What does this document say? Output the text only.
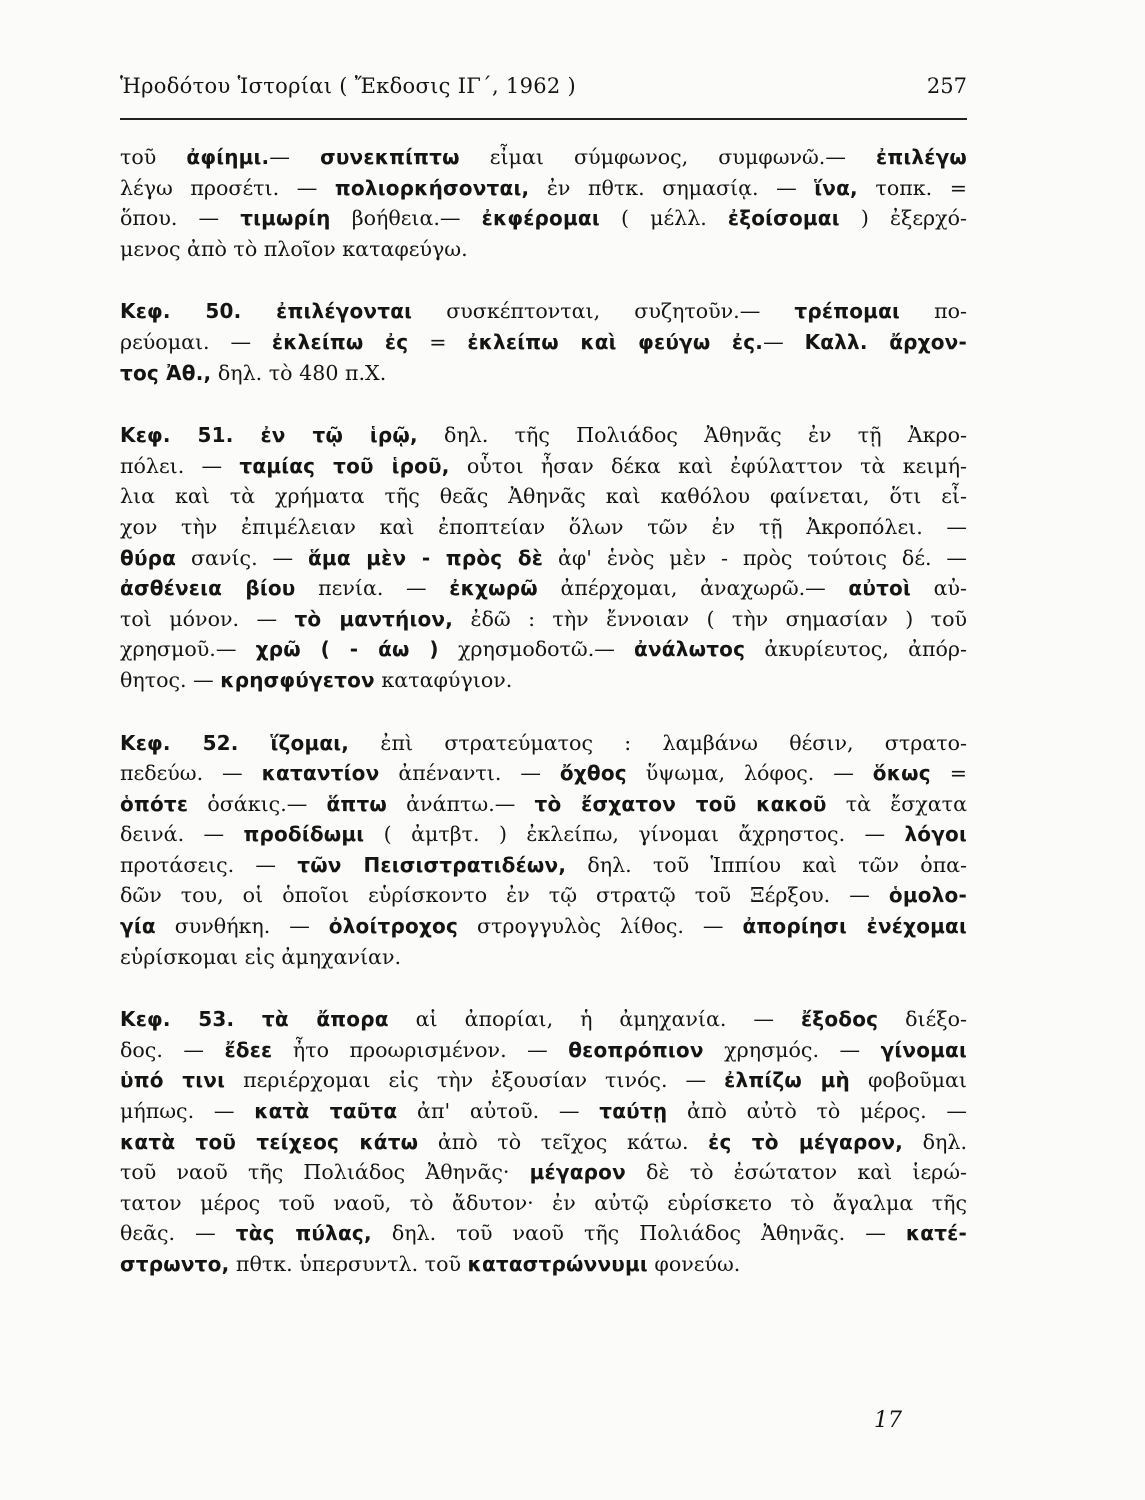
Ἡροδότου Ἱστορίαι ( Ἔκδοσις ΙΓ΄, 1962 )	257
τοῦ ἀφίημι.— συνεκπίπτω εἶμαι σύμφωνος, συμφωνῶ.— ἐπιλέγω
λέγω προσέτι. — πολιορκήσονται, ἐν πθτκ. σημασίᾳ. — ἵνα, τοπκ. =
ὅπου. — τιμωρίη βοήθεια.— ἐκφέρομαι ( μέλλ. ἐξοίσομαι ) ἐξερχό-
μενος ἀπὸ τὸ πλοῖον καταφεύγω.
Κεφ. 50. ἐπιλέγονται συσκέπτονται, συζητοῦν.— τρέπομαι πο-
ρεύομαι. — ἐκλείπω ἐς = ἐκλείπω καὶ φεύγω ἐς.— Καλλ. ἄρχον-
τος Ἀθ., δηλ. τὸ 480 π.Χ.
Κεφ. 51. ἐν τῷ ἱρῷ, δηλ. τῆς Πολιάδος Ἀθηνᾶς ἐν τῇ Ἀκρο-
πόλει. — ταμίας τοῦ ἱροῦ, οὗτοι ἦσαν δέκα καὶ ἐφύλαττον τὰ κειμή-
λια καὶ τὰ χρήματα τῆς θεᾶς Ἀθηνᾶς καὶ καθόλου φαίνεται, ὅτι εἶ-
χον τὴν ἐπιμέλειαν καὶ ἐποπτείαν ὅλων τῶν ἐν τῇ Ἀκροπόλει. —
θύρα σανίς. — ἅμα μὲν - πρὸς δὲ ἀφ' ἑνὸς μὲν - πρὸς τούτοις δέ. —
ἀσθένεια βίου πενία. — ἐκχωρῶ ἀπέρχομαι, ἀναχωρῶ.— αὐτοὶ αὐ-
τοὶ μόνον. — τὸ μαντήιον, ἐδῶ : τὴν ἔννοιαν ( τὴν σημασίαν ) τοῦ
χρησμοῦ.— χρῶ ( - άω ) χρησμοδοτῶ.— ἀνάλωτος ἀκυρίευτος, ἀπόρ-
θητος. — κρησφύγετον καταφύγιον.
Κεφ. 52. ἵζομαι, ἐπὶ στρατεύματος : λαμβάνω θέσιν, στρατο-
πεδεύω. — καταντίον ἀπέναντι. — ὄχθος ὕψωμα, λόφος. — ὅκως =
ὁπότε ὁσάκις.— ἅπτω ἀνάπτω.— τὸ ἔσχατον τοῦ κακοῦ τὰ ἔσχατα
δεινά. — προδίδωμι ( ἀμτβτ. ) ἐκλείπω, γίνομαι ἄχρηστος. — λόγοι
προτάσεις. — τῶν Πεισιστρατιδέων, δηλ. τοῦ Ἱππίου καὶ τῶν ὀπα-
δῶν του, οἱ ὁποῖοι εὑρίσκοντο ἐν τῷ στρατῷ τοῦ Ξέρξου. — ὁμολο-
γία συνθήκη. — ὀλοίτροχος στρογγυλὸς λίθος. — ἀπορίησι ἐνέχομαι
εὑρίσκομαι εἰς ἀμηχανίαν.
Κεφ. 53. τὰ ἄπορα αἱ ἀπορίαι, ἡ ἀμηχανία. — ἔξοδος διέξο-
δος. — ἔδεε ἦτο προωρισμένον. — θεοπρόπιον χρησμός. — γίνομαι
ὑπό τινι περιέρχομαι εἰς τὴν ἐξουσίαν τινός. — ἐλπίζω μὴ φοβοῦμαι
μήπως. — κατὰ ταῦτα ἀπ' αὐτοῦ. — ταύτῃ ἀπὸ αὐτὸ τὸ μέρος. —
κατὰ τοῦ τείχεος κάτω ἀπὸ τὸ τεῖχος κάτω. ἐς τὸ μέγαρον, δηλ.
τοῦ ναοῦ τῆς Πολιάδος Ἀθηνᾶς· μέγαρον δὲ τὸ ἐσώτατον καὶ ἱερώ-
τατον μέρος τοῦ ναοῦ, τὸ ἄδυτον· ἐν αὐτῷ εὑρίσκετο τὸ ἄγαλμα τῆς
θεᾶς. — τὰς πύλας, δηλ. τοῦ ναοῦ τῆς Πολιάδος Ἀθηνᾶς. — κατέ-
στρωντο, πθτκ. ὑπερσυντλ. τοῦ καταστρώννυμι φονεύω.
17
